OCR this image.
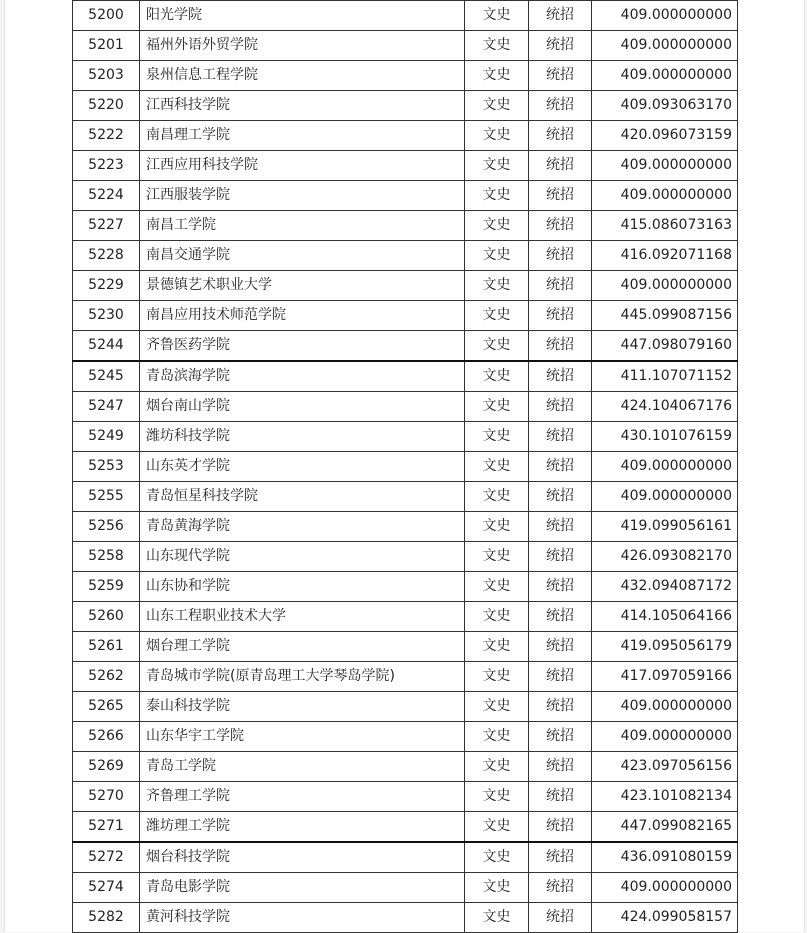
5200	阳光学院	文史	统招	409.000000000
5201	福州外语外贸学院	文史	统招	409.000000000
5203	泉州信息工程学院	文史	统招	409.000000000
5220	江西科技学院	文史	统招	409.093063170
5222	南昌理工学院	文史	统招	420.096073159
5223	江西应用科技学院	文史	统招	409.000000000
5224	江西服装学院	文史	统招	409.000000000
5227	南昌工学院	文史	统招	415.086073163
5228	南昌交通学院	文史	统招	416.092071168
5229	景德镇艺术职业大学	文史	统招	409.000000000
5230	南昌应用技术师范学院	文史	统招	445.099087156
5244	齐鲁医药学院	文史	统招	447.098079160
5245	青岛滨海学院	文史	统招	411.107071152
5247	烟台南山学院	文史	统招	424.104067176
5249	潍坊科技学院	文史	统招	430.101076159
5253	山东英才学院	文史	统招	409.000000000
5255	青岛恒星科技学院	文史	统招	409.000000000
5256	青岛黄海学院	文史	统招	419.099056161
5258	山东现代学院	文史	统招	426.093082170
5259	山东协和学院	文史	统招	432.094087172
5260	山东工程职业技术大学	文史	统招	414.105064166
5261	烟台理工学院	文史	统招	419.095056179
5262	青岛城市学院(原青岛理工大学琴岛学院)	文史	统招	417.097059166
5265	泰山科技学院	文史	统招	409.000000000
5266	山东华宇工学院	文史	统招	409.000000000
5269	青岛工学院	文史	统招	423.097056156
5270	齐鲁理工学院	文史	统招	423.101082134
5271	潍坊理工学院	文史	统招	447.099082165
5272	烟台科技学院	文史	统招	436.091080159
5274	青岛电影学院	文史	统招	409.000000000
5282	黄河科技学院	文史	统招	424.099058157
